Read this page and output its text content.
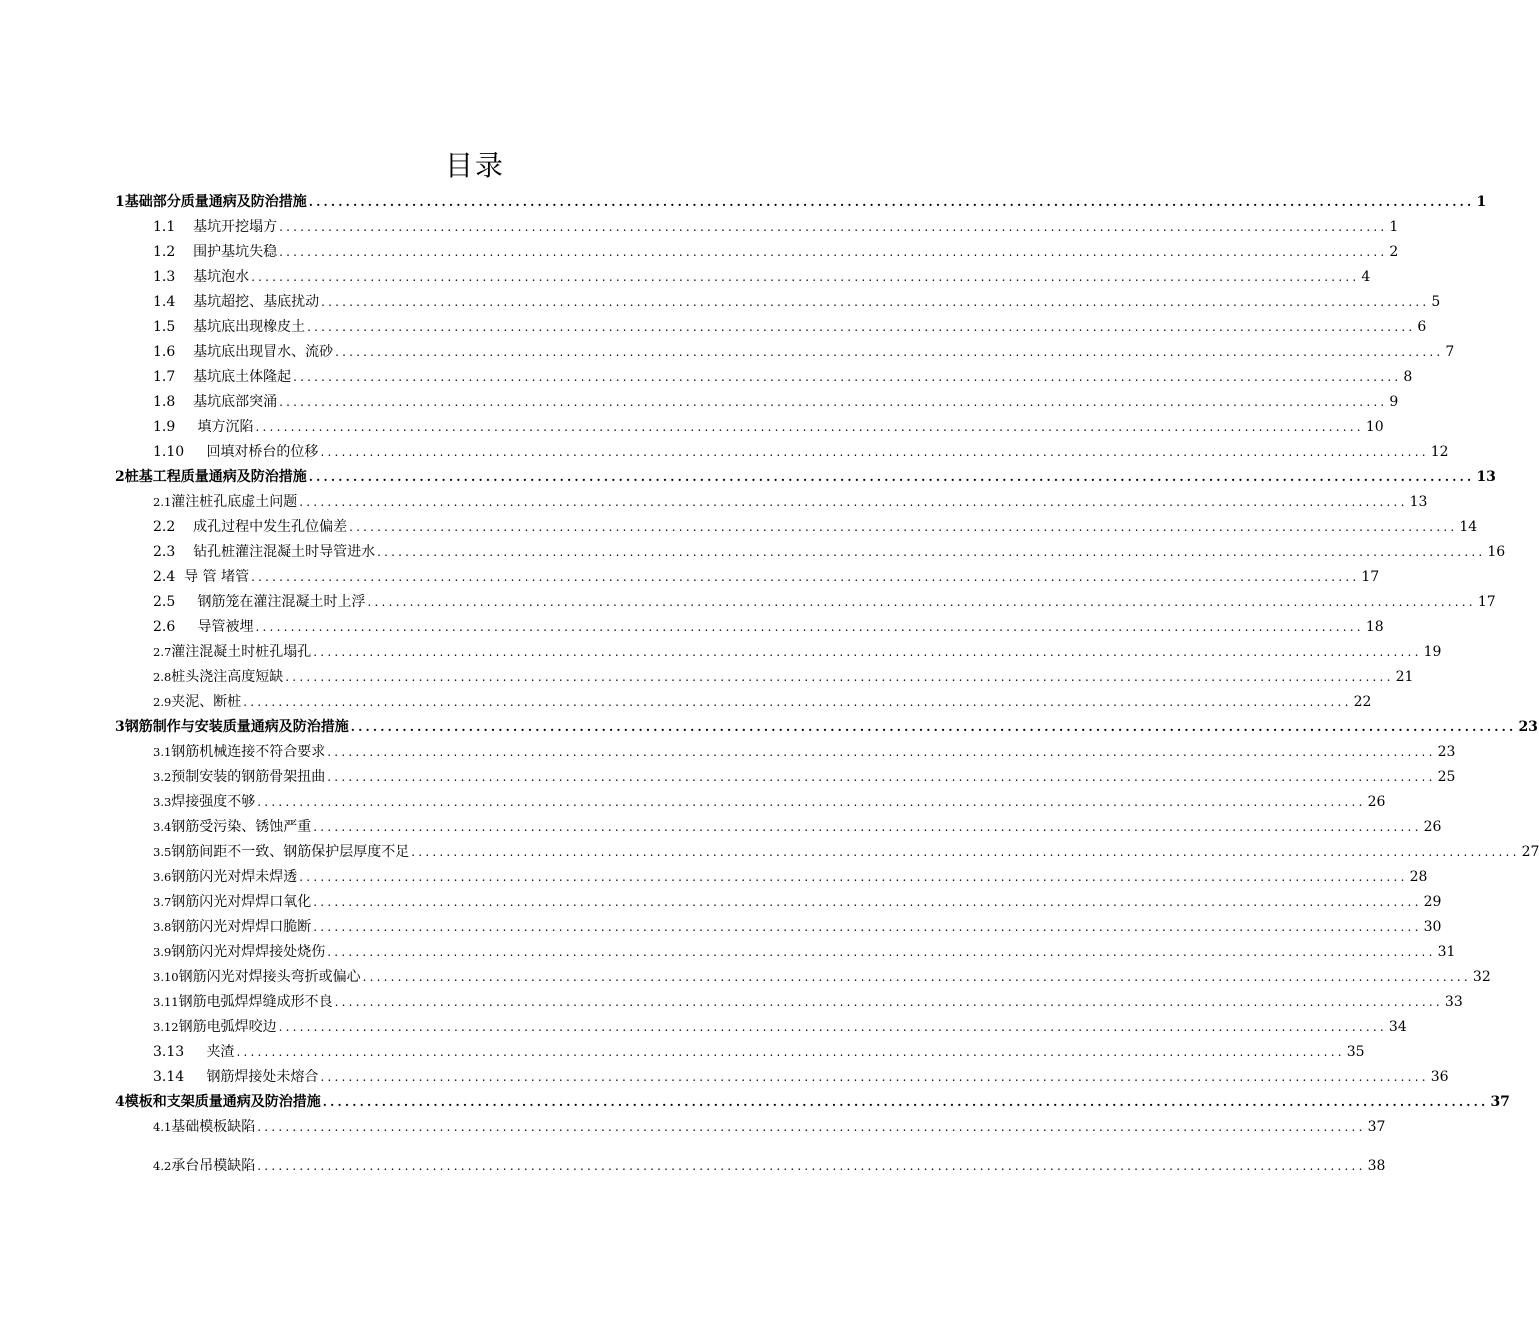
目录
1 基础部分质量通病及防治措施 .............................................................................................................................................................. 1
1.1
基坑开挖塌方 .............................................................................................................................................................. 1
1.2
围护基坑失稳 .............................................................................................................................................................. 2
1.3
基坑泡水 .............................................................................................................................................................. 4
1.4
基坑超挖、基底扰动 .............................................................................................................................................................. 5
1.5
基坑底出现橡皮土 .............................................................................................................................................................. 6
1.6
基坑底出现冒水、流砂 .............................................................................................................................................................. 7
1.7
基坑底土体隆起 .............................................................................................................................................................. 8
1.8
基坑底部突涌 .............................................................................................................................................................. 9
1.9
填方沉陷 .............................................................................................................................................................. 10
1.10
回填对桥台的位移 .............................................................................................................................................................. 12
2 桩基工程质量通病及防治措施 .............................................................................................................................................................. 13
2.1 灌注桩孔底虚土问题 .............................................................................................................................................................. 13
2.2
成孔过程中发生孔位偏差 .............................................................................................................................................................. 14
2.3
钻孔桩灌注混凝土时导管进水 .............................................................................................................................................................. 16
2.4
导 管 堵管 .............................................................................................................................................................. 17
2.5
钢筋笼在灌注混凝土时上浮 .............................................................................................................................................................. 17
2.6
导管被埋 .............................................................................................................................................................. 18
2.7 灌注混凝土时桩孔塌孔 .............................................................................................................................................................. 19
2.8 桩头浇注高度短缺 .............................................................................................................................................................. 21
2.9 夹泥、断桩 .............................................................................................................................................................. 22
3 钢筋制作与安装质量通病及防治措施 .............................................................................................................................................................. 23
3.1 钢筋机械连接不符合要求 .............................................................................................................................................................. 23
3.2 预制安装的钢筋骨架扭曲 .............................................................................................................................................................. 25
3.3 焊接强度不够 .............................................................................................................................................................. 26
3.4 钢筋受污染、锈蚀严重 .............................................................................................................................................................. 26
3.5 钢筋间距不一致、钢筋保护层厚度不足 .............................................................................................................................................................. 27
3.6 钢筋闪光对焊未焊透 .............................................................................................................................................................. 28
3.7 钢筋闪光对焊焊口氧化 .............................................................................................................................................................. 29
3.8 钢筋闪光对焊焊口脆断 .............................................................................................................................................................. 30
3.9 钢筋闪光对焊焊接处烧伤 .............................................................................................................................................................. 31
3.10 钢筋闪光对焊接头弯折或偏心 .............................................................................................................................................................. 32
3.11 钢筋电弧焊焊缝成形不良 .............................................................................................................................................................. 33
3.12 钢筋电弧焊咬边 .............................................................................................................................................................. 34
3.13
夹渣 .............................................................................................................................................................. 35
3.14
钢筋焊接处未熔合 .............................................................................................................................................................. 36
4 模板和支架质量通病及防治措施 .............................................................................................................................................................. 37
4.1 基础模板缺陷 .............................................................................................................................................................. 37
4.2 承台吊模缺陷 .............................................................................................................................................................. 38
